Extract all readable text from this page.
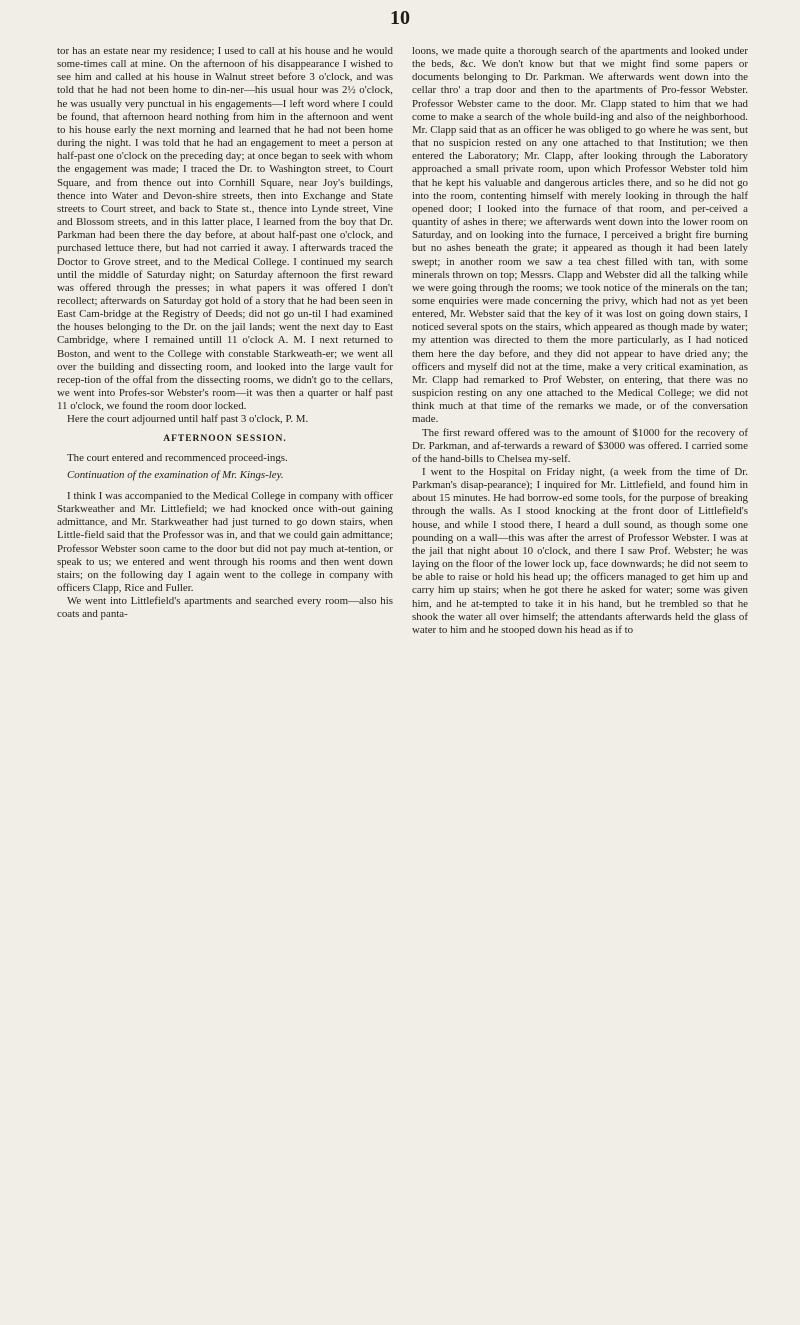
10

tor has an estate near my residence; I used to call at his house and he would some-times call at mine. On the afternoon of his disappearance I wished to see him and called at his house in Walnut street before 3 o'clock, and was told that he had not been home to din-ner—his usual hour was 2½ o'clock, he was usually very punctual in his engagements—I left word where I could be found, that afternoon heard nothing from him in the afternoon and went to his house early the next morning and learned that he had not been home during the night. I was told that he had an engagement to meet a person at half-past one o'clock on the preceding day; at once began to seek with whom the engagement was made; I traced the Dr. to Washington street, to Court Square, and from thence out into Cornhill Square, near Joy's buildings, thence into Water and Devon-shire streets, then into Exchange and State streets to Court street, and back to State st., thence into Lynde street, Vine and Blossom streets, and in this latter place, I learned from the boy that Dr. Parkman had been there the day before, at about half-past one o'clock, and purchased lettuce there, but had not carried it away. I afterwards traced the Doctor to Grove street, and to the Medical College. I continued my search until the middle of Saturday night; on Saturday afternoon the first reward was offered through the presses; in what papers it was offered I don't recollect; afterwards on Saturday got hold of a story that he had been seen in East Cam-bridge at the Registry of Deeds; did not go un-til I had examined the houses belonging to the Dr. on the jail lands; went the next day to East Cambridge, where I remained untill 11 o'clock A. M. I next returned to Boston, and went to the College with constable Starkweath-er; we went all over the building and dissecting room, and looked into the large vault for recep-tion of the offal from the dissecting rooms, we didn't go to the cellars, we went into Profes-sor Webster's room—it was then a quarter or half past 11 o'clock, we found the room door locked.

Here the court adjourned until half past 3 o'clock, P. M.

AFTERNOON SESSION.

The court entered and recommenced proceed-ings.

Continuation of the examination of Mr. Kings-ley.

I think I was accompanied to the Medical College in company with officer Starkweather and Mr. Littlefield; we had knocked once with-out gaining admittance, and Mr. Starkweather had just turned to go down stairs, when Little-field said that the Professor was in, and that we could gain admittance; Professor Webster soon came to the door but did not pay much at-tention, or speak to us; we entered and went through his rooms and then went down stairs; on the following day I again went to the college in company with officers Clapp, Rice and Fuller.

We went into Littlefield's apartments and searched every room—also his coats and panta-

loons, we made quite a thorough search of the apartments and looked under the beds, &c. We don't know but that we might find some papers or documents belonging to Dr. Parkman. We afterwards went down into the cellar thro' a trap door and then to the apartments of Pro-fessor Webster. Professor Webster came to the door. Mr. Clapp stated to him that we had come to make a search of the whole build-ing and also of the neighborhood. Mr. Clapp said that as an officer he was obliged to go where he was sent, but that no suspicion rested on any one attached to that Institution; we then entered the Laboratory; Mr. Clapp, after looking through the Laboratory approached a small private room, upon which Professor Webster told him that he kept his valuable and dangerous articles there, and so he did not go into the room, contenting himself with merely looking in through the half opened door; I looked into the furnace of that room, and per-ceived a quantity of ashes in there; we afterwards went down into the lower room on Saturday, and on looking into the furnace, I perceived a bright fire burning but no ashes beneath the grate; it appeared as though it had been lately swept; in another room we saw a tea chest filled with tan, with some minerals thrown on top; Messrs. Clapp and Webster did all the talking while we were going through the rooms; we took notice of the minerals on the tan; some enquiries were made concerning the privy, which had not as yet been entered, Mr. Webster said that the key of it was lost on going down stairs, I noticed several spots on the stairs, which appeared as though made by water; my attention was directed to them the more particularly, as I had noticed them here the day before, and they did not appear to have dried any; the officers and myself did not at the time, make a very critical examination, as Mr. Clapp had remarked to Prof Webster, on entering, that there was no suspicion resting on any one attached to the Medical College; we did not think much at that time of the remarks we made, or of the conversation made.

The first reward offered was to the amount of $1000 for the recovery of Dr. Parkman, and af-terwards a reward of $3000 was offered. I carried some of the hand-bills to Chelsea my-self.

I went to the Hospital on Friday night, (a week from the time of Dr. Parkman's disap-pearance); I inquired for Mr. Littlefield, and found him in about 15 minutes. He had borrow-ed some tools, for the purpose of breaking through the walls. As I stood knocking at the front door of Littlefield's house, and while I stood there, I heard a dull sound, as though some one pounding on a wall—this was after the arrest of Professor Webster. I was at the jail that night about 10 o'clock, and there I saw Prof. Webster; he was laying on the floor of the lower lock up, face downwards; he did not seem to be able to raise or hold his head up; the officers managed to get him up and carry him up stairs; when he got there he asked for water; some was given him, and he at-tempted to take it in his hand, but he trembled so that he shook the water all over himself; the attendants afterwards held the glass of water to him and he stooped down his head as if to
